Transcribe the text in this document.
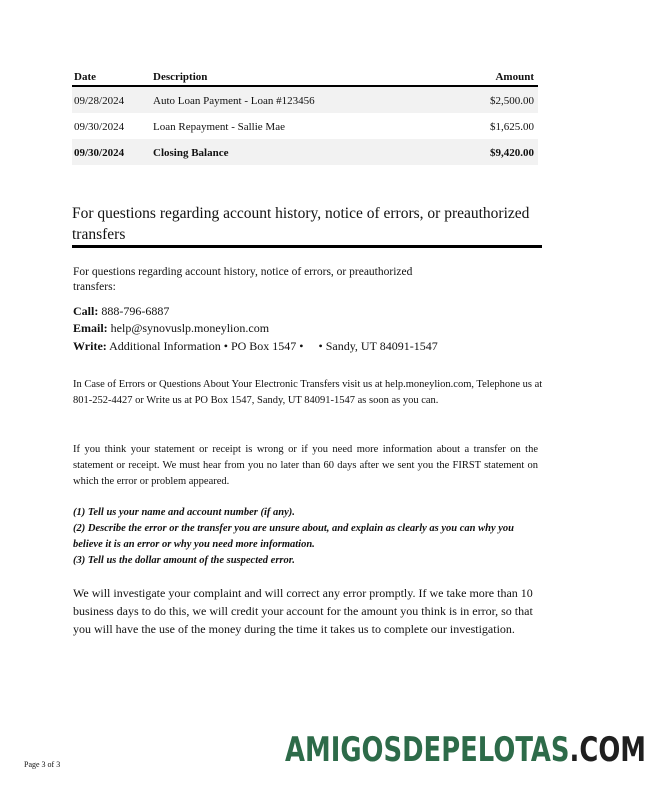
Date	Description	Amount
09/28/2024	Auto Loan Payment - Loan #123456	$2,500.00
09/30/2024	Loan Repayment - Sallie Mae	$1,625.00
09/30/2024	Closing Balance	$9,420.00
For questions regarding account history, notice of errors, or preauthorized transfers
For questions regarding account history, notice of errors, or preauthorized transfers:
Call: 888-796-6887
Email: help@synovuslp.moneylion.com
Write: Additional Information • PO Box 1547 •     • Sandy, UT 84091-1547
In Case of Errors or Questions About Your Electronic Transfers visit us at help.moneylion.com, Telephone us at 801-252-4427 or Write us at PO Box 1547, Sandy, UT 84091-1547 as soon as you can.
If you think your statement or receipt is wrong or if you need more information about a transfer on the statement or receipt. We must hear from you no later than 60 days after we sent you the FIRST statement on which the error or problem appeared.
(1) Tell us your name and account number (if any).
(2) Describe the error or the transfer you are unsure about, and explain as clearly as you can why you believe it is an error or why you need more information.
(3) Tell us the dollar amount of the suspected error.
We will investigate your complaint and will correct any error promptly. If we take more than 10 business days to do this, we will credit your account for the amount you think is in error, so that you will have the use of the money during the time it takes us to complete our investigation.
Page 3 of 3	AMIGOSDEPELOTAS.COM
